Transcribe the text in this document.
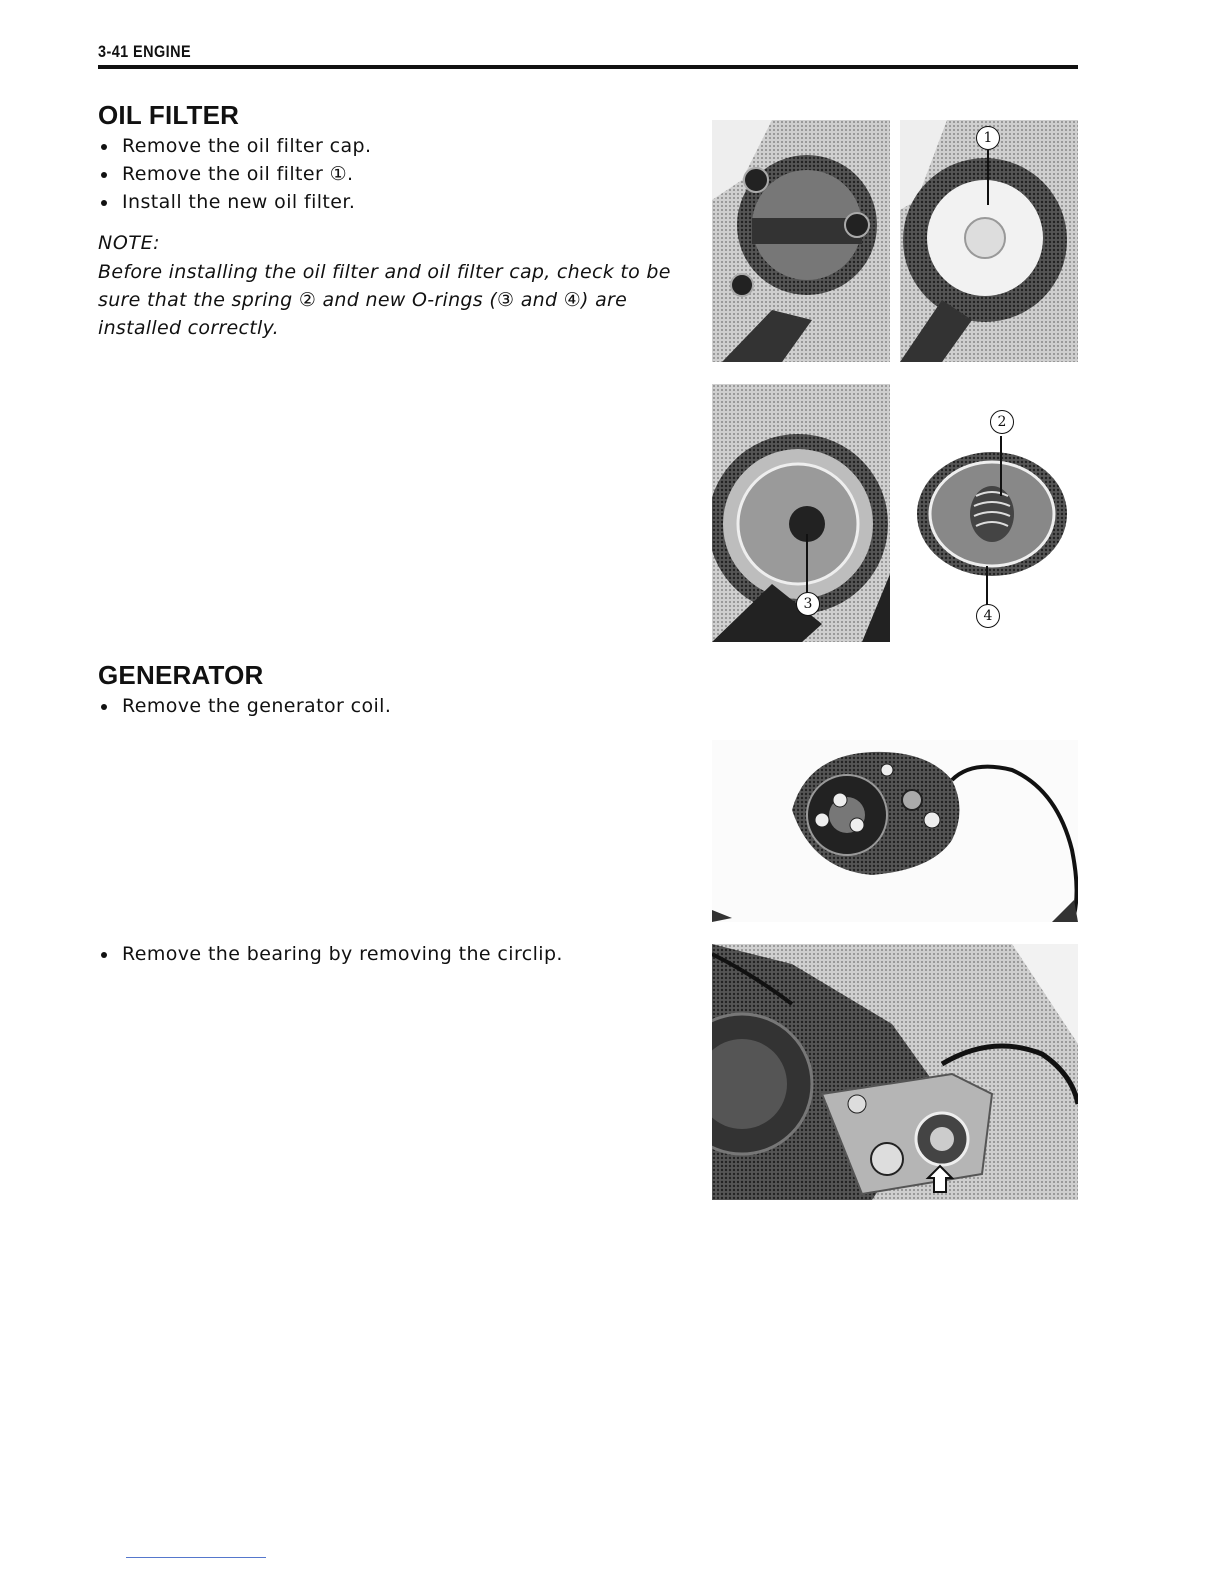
3-41 ENGINE
OIL FILTER
Remove the oil filter cap.
Remove the oil filter ①.
Install the new oil filter.
NOTE:
Before installing the oil filter and oil filter cap, check to be sure that the spring ② and new O-rings (③ and ④) are installed correctly.
1
2
3
4
GENERATOR
Remove the generator coil.
Remove the bearing by removing the circlip.
